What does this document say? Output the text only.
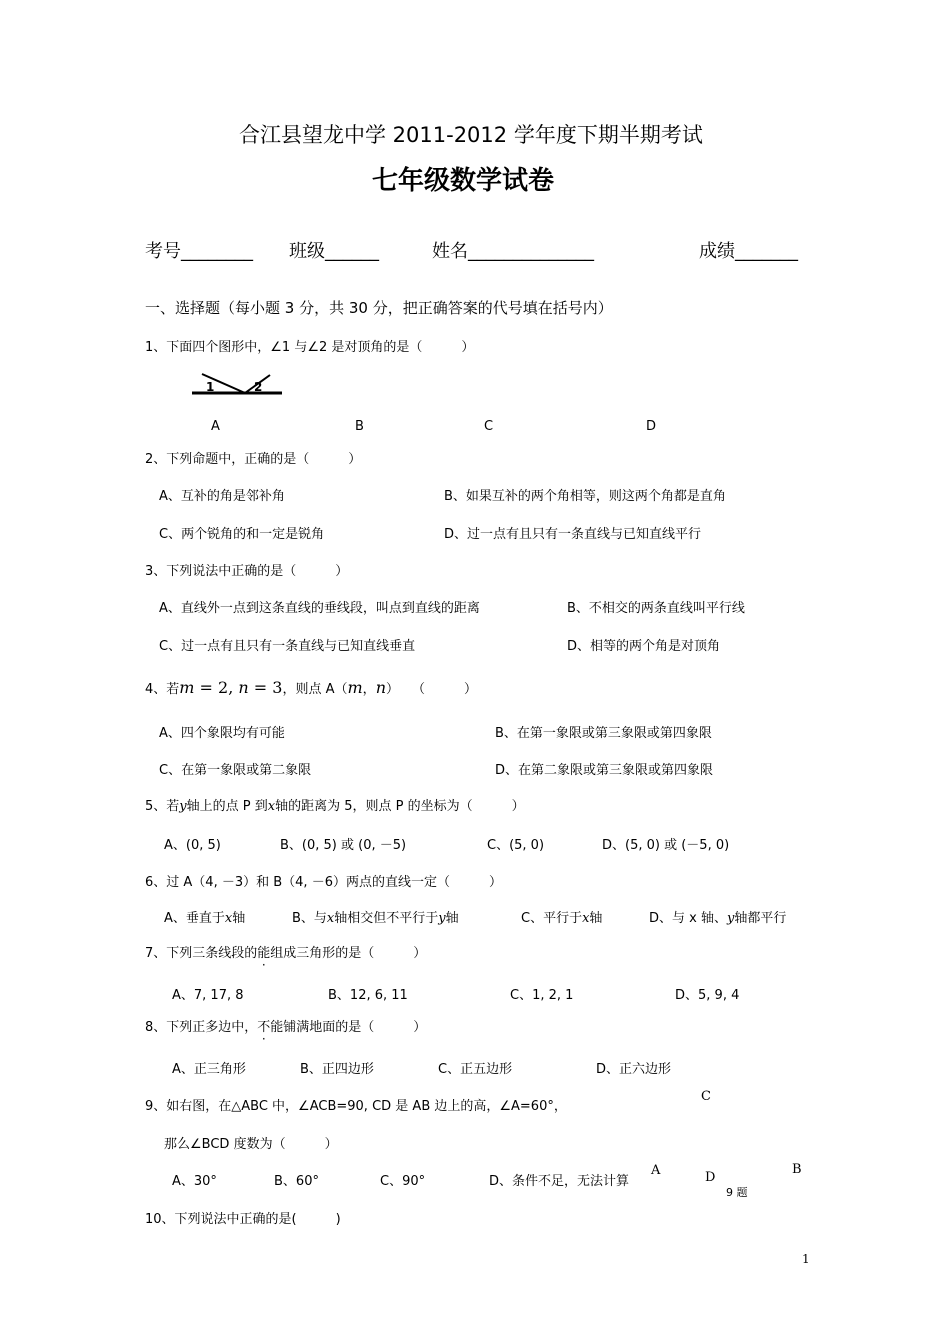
合江县望龙中学 2011-2012 学年度下期半期考试
七年级数学试卷
考号________ 班级______	姓名______________	成绩_______
一、选择题（每小题 3 分，共 30 分，把正确答案的代号填在括号内）
1、下面四个图形中，∠1 与∠2 是对顶角的是（　　　）
1	2
A	B	C	D
2、下列命题中，正确的是（　　　）
A、互补的角是邻补角	B、如果互补的两个角相等，则这两个角都是直角
C、两个锐角的和一定是锐角	D、过一点有且只有一条直线与已知直线平行
3、下列说法中正确的是（　　　）
A、直线外一点到这条直线的垂线段，叫点到直线的距离	B、不相交的两条直线叫平行线
C、过一点有且只有一条直线与已知直线垂直	D、相等的两个角是对顶角
4、若m = 2, n = 3，则点 A（m，n）　　（　　　）
A、四个象限均有可能	B、在第一象限或第三象限或第四象限
C、在第一象限或第二象限	D、在第二象限或第三象限或第四象限
5、若y轴上的点 P 到x轴的距离为 5，则点 P 的坐标为（　　　）
A、(0, 5)	B、(0, 5) 或 (0, －5)	C、(5, 0)	D、(5, 0) 或 (－5, 0)
6、过 A（4, －3）和 B（4, －6）两点的直线一定（　　　）
A、垂直于x轴	B、与x轴相交但不平行于y轴	C、平行于x轴	D、与 x 轴、y轴都平行
7、下列三条线段的能组成三角形的是（　　　）
A、7, 17, 8	B、12, 6, 11	C、1, 2, 1	D、5, 9, 4
8、下列正多边中，不能铺满地面的是（　　　）
A、正三角形	B、正四边形	C、正五边形	D、正六边形
9、如右图，在△ABC 中，∠ACB=90, CD 是 AB 边上的高，∠A=60°，
那么∠BCD 度数为（　　　）
A、30°	B、60°	C、90°	D、条件不足，无法计算
C
A	D
B
9 题
10、下列说法中正确的是(　　　)
1
